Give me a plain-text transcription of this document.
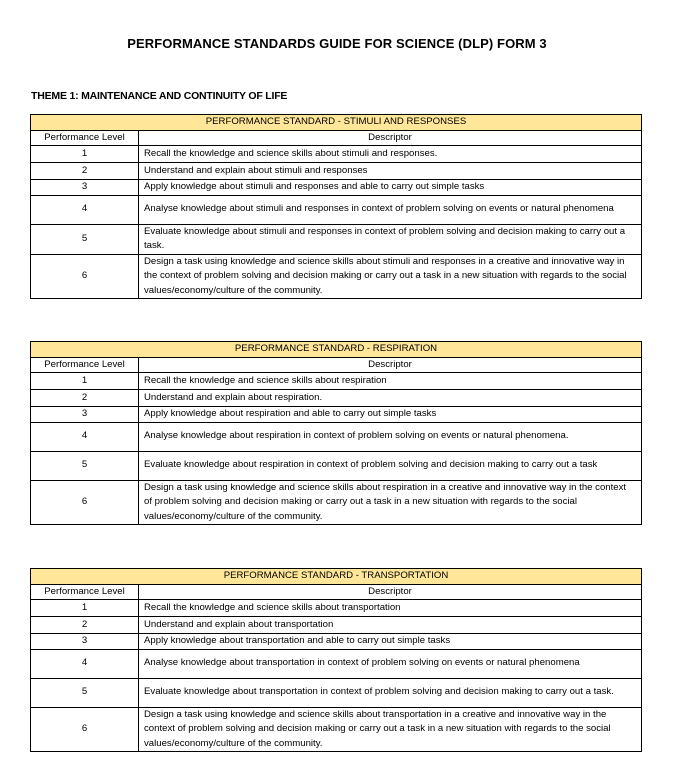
PERFORMANCE STANDARDS GUIDE FOR SCIENCE (DLP) FORM 3
THEME 1: MAINTENANCE AND CONTINUITY OF LIFE
PERFORMANCE STANDARD - STIMULI AND RESPONSES	
Performance Level	Descriptor
1	Recall the knowledge and science skills about stimuli and responses.
2	Understand and explain about stimuli and responses
3	Apply knowledge about stimuli and responses and able to carry out simple tasks
4	Analyse knowledge about stimuli and responses in context of problem solving on events or natural phenomena
5	Evaluate knowledge about stimuli and responses in context of problem solving and decision making to carry out a task.
6	Design a task using knowledge and science skills about stimuli and responses in a creative and innovative way in the context of problem solving and decision making or carry out a task in a new situation with regards to the social values/economy/culture of the community.
PERFORMANCE STANDARD - RESPIRATION	
Performance Level	Descriptor
1	Recall the knowledge and science skills about respiration
2	Understand and explain about respiration.
3	Apply knowledge about respiration and able to carry out simple tasks
4	Analyse knowledge about respiration in context of problem solving on events or natural phenomena.
5	Evaluate knowledge about respiration in context of problem solving and decision making to carry out a task
6	Design a task using knowledge and science skills about respiration in a creative and innovative way in the context of problem solving and decision making or carry out a task in a new situation with regards to the social values/economy/culture of the community.
PERFORMANCE STANDARD - TRANSPORTATION	
Performance Level	Descriptor
1	Recall the knowledge and science skills about transportation
2	Understand and explain about transportation
3	Apply knowledge about transportation and able to carry out simple tasks
4	Analyse knowledge about transportation in context of problem solving on events or natural phenomena
5	Evaluate knowledge about transportation in context of problem solving and decision making to carry out a task.
6	Design a task using knowledge and science skills about transportation in a creative and innovative way in the context of problem solving and decision making or carry out a task in a new situation with regards to the social values/economy/culture of the community.
